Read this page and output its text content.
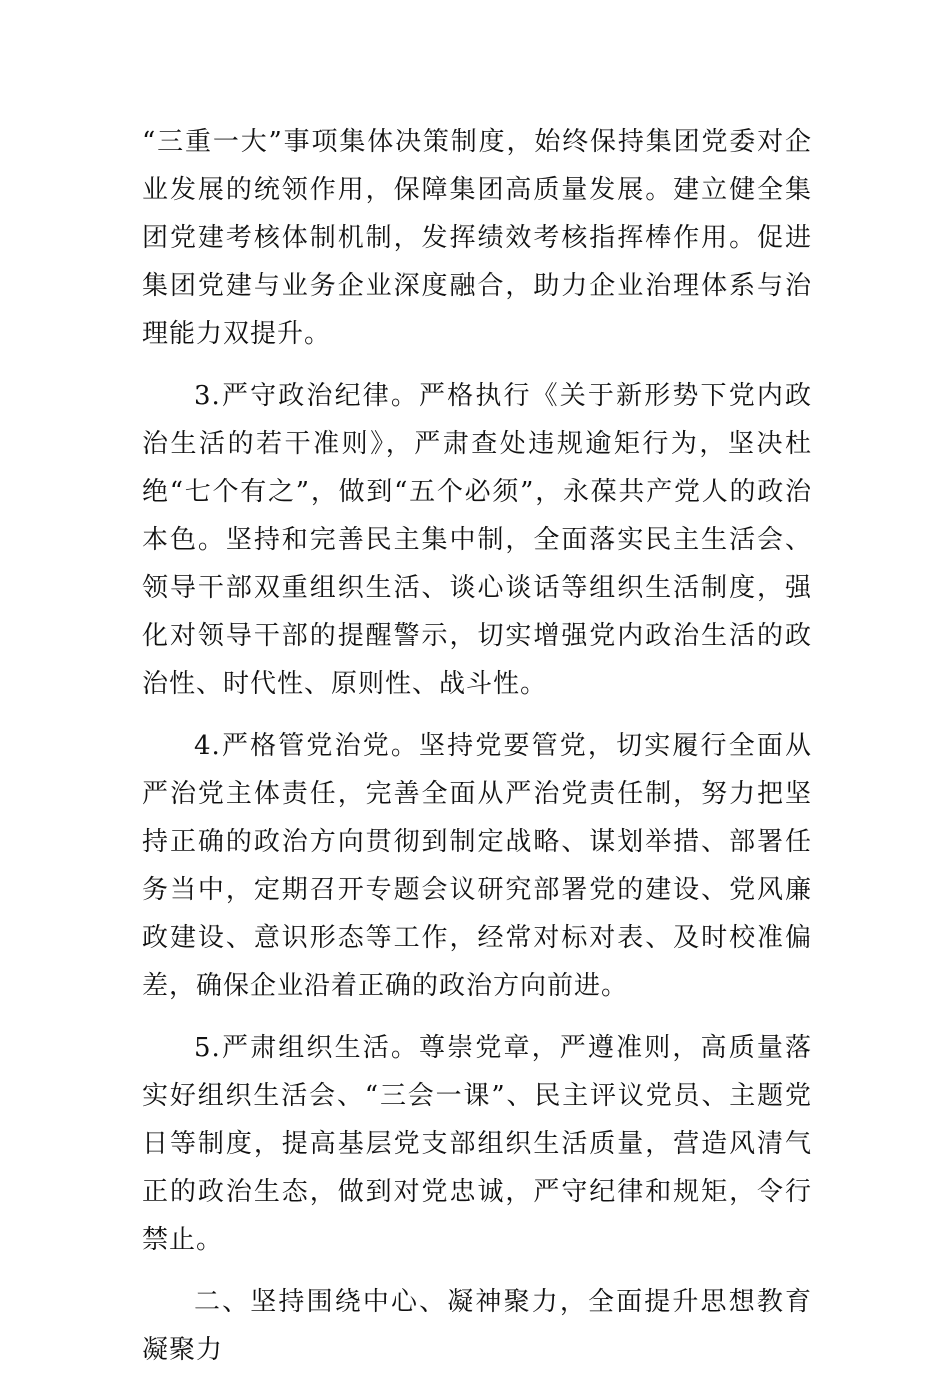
“三重一大”事项集体决策制度，始终保持集团党委对企业发展的统领作用，保障集团高质量发展。建立健全集团党建考核体制机制，发挥绩效考核指挥棒作用。促进集团党建与业务企业深度融合，助力企业治理体系与治理能力双提升。

3.严守政治纪律。严格执行《关于新形势下党内政治生活的若干准则》，严肃查处违规逾矩行为，坚决杜绝“七个有之”，做到“五个必须”，永葆共产党人的政治本色。坚持和完善民主集中制，全面落实民主生活会、领导干部双重组织生活、谈心谈话等组织生活制度，强化对领导干部的提醒警示，切实增强党内政治生活的政治性、时代性、原则性、战斗性。

4.严格管党治党。坚持党要管党，切实履行全面从严治党主体责任，完善全面从严治党责任制，努力把坚持正确的政治方向贯彻到制定战略、谋划举措、部署任务当中，定期召开专题会议研究部署党的建设、党风廉政建设、意识形态等工作，经常对标对表、及时校准偏差，确保企业沿着正确的政治方向前进。

5.严肃组织生活。尊崇党章，严遵准则，高质量落实好组织生活会、“三会一课”、民主评议党员、主题党日等制度，提高基层党支部组织生活质量，营造风清气正的政治生态，做到对党忠诚，严守纪律和规矩，令行禁止。

二、坚持围绕中心、凝神聚力，全面提升思想教育凝聚力
